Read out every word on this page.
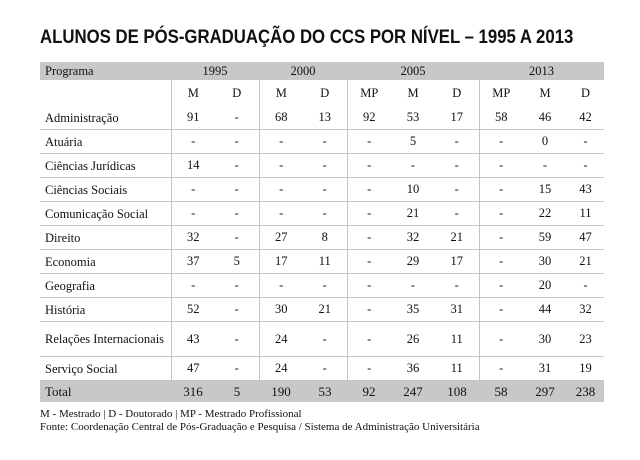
ALUNOS DE PÓS-GRADUAÇÃO DO CCS POR NÍVEL – 1995 A 2013
Programa	1995		2000		2005			2013		
	M	D	M	D	MP	M	D	MP	M	D
Administração	91	-	68	13	92	53	17	58	46	42
Atuária	-	-	-	-	-	5	-	-	0	-
Ciências Jurídicas	14	-	-	-	-	-	-	-	-	-
Ciências Sociais	-	-	-	-	-	10	-	-	15	43
Comunicação Social	-	-	-	-	-	21	-	-	22	11
Direito	32	-	27	8	-	32	21	-	59	47
Economia	37	5	17	11	-	29	17	-	30	21
Geografia	-	-	-	-	-	-	-	-	20	-
História	52	-	30	21	-	35	31	-	44	32
Relações Internacionais	43	-	24	-	-	26	11	-	30	23
Serviço Social	47	-	24	-	-	36	11	-	31	19
Total	316	5	190	53	92	247	108	58	297	238
M - Mestrado | D - Doutorado | MP - Mestrado Profissional
Fonte: Coordenação Central de Pós-Graduação e Pesquisa / Sistema de Administração Universitária
